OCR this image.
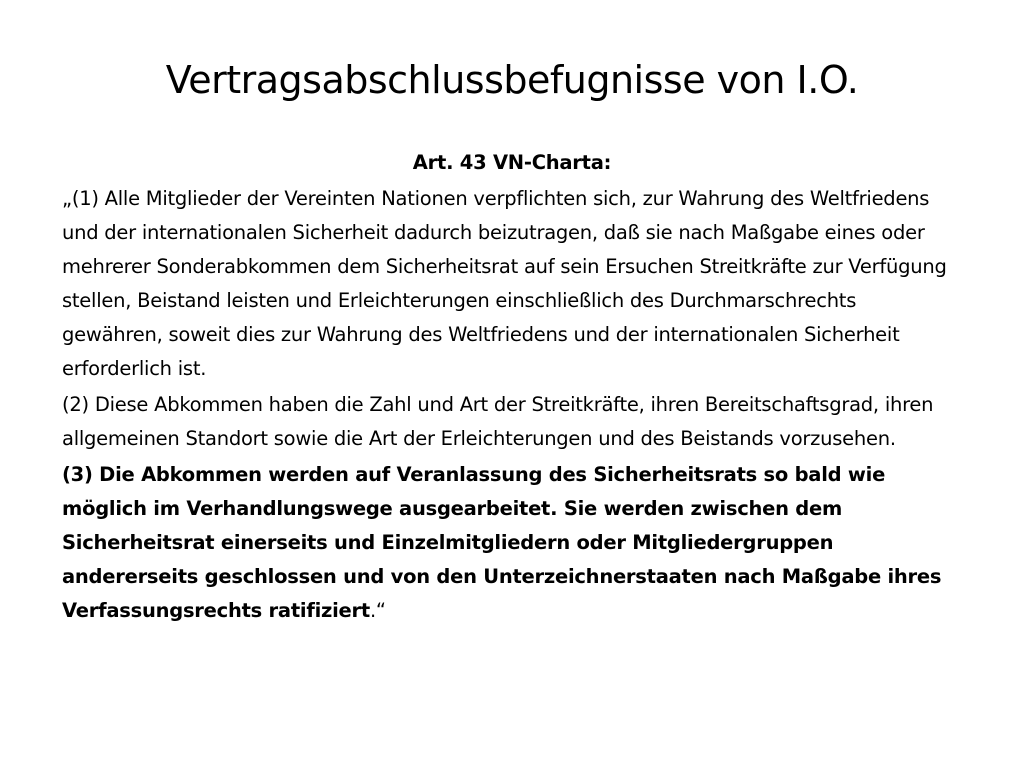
Vertragsabschlussbefugnisse von I.O.
Art. 43 VN-Charta:
„(1) Alle Mitglieder der Vereinten Nationen verpflichten sich, zur Wahrung des Weltfriedens und der internationalen Sicherheit dadurch beizutragen, daß sie nach Maßgabe eines oder mehrerer Sonderabkommen dem Sicherheitsrat auf sein Ersuchen Streitkräfte zur Verfügung stellen, Beistand leisten und Erleichterungen einschließlich des Durchmarschrechts gewähren, soweit dies zur Wahrung des Weltfriedens und der internationalen Sicherheit erforderlich ist.
(2) Diese Abkommen haben die Zahl und Art der Streitkräfte, ihren Bereitschaftsgrad, ihren allgemeinen Standort sowie die Art der Erleichterungen und des Beistands vorzusehen.
(3) Die Abkommen werden auf Veranlassung des Sicherheitsrats so bald wie möglich im Verhandlungswege ausgearbeitet. Sie werden zwischen dem Sicherheitsrat einerseits und Einzelmitgliedern oder Mitgliedergruppen andererseits geschlossen und von den Unterzeichnerstaaten nach Maßgabe ihres Verfassungsrechts ratifiziert.“
